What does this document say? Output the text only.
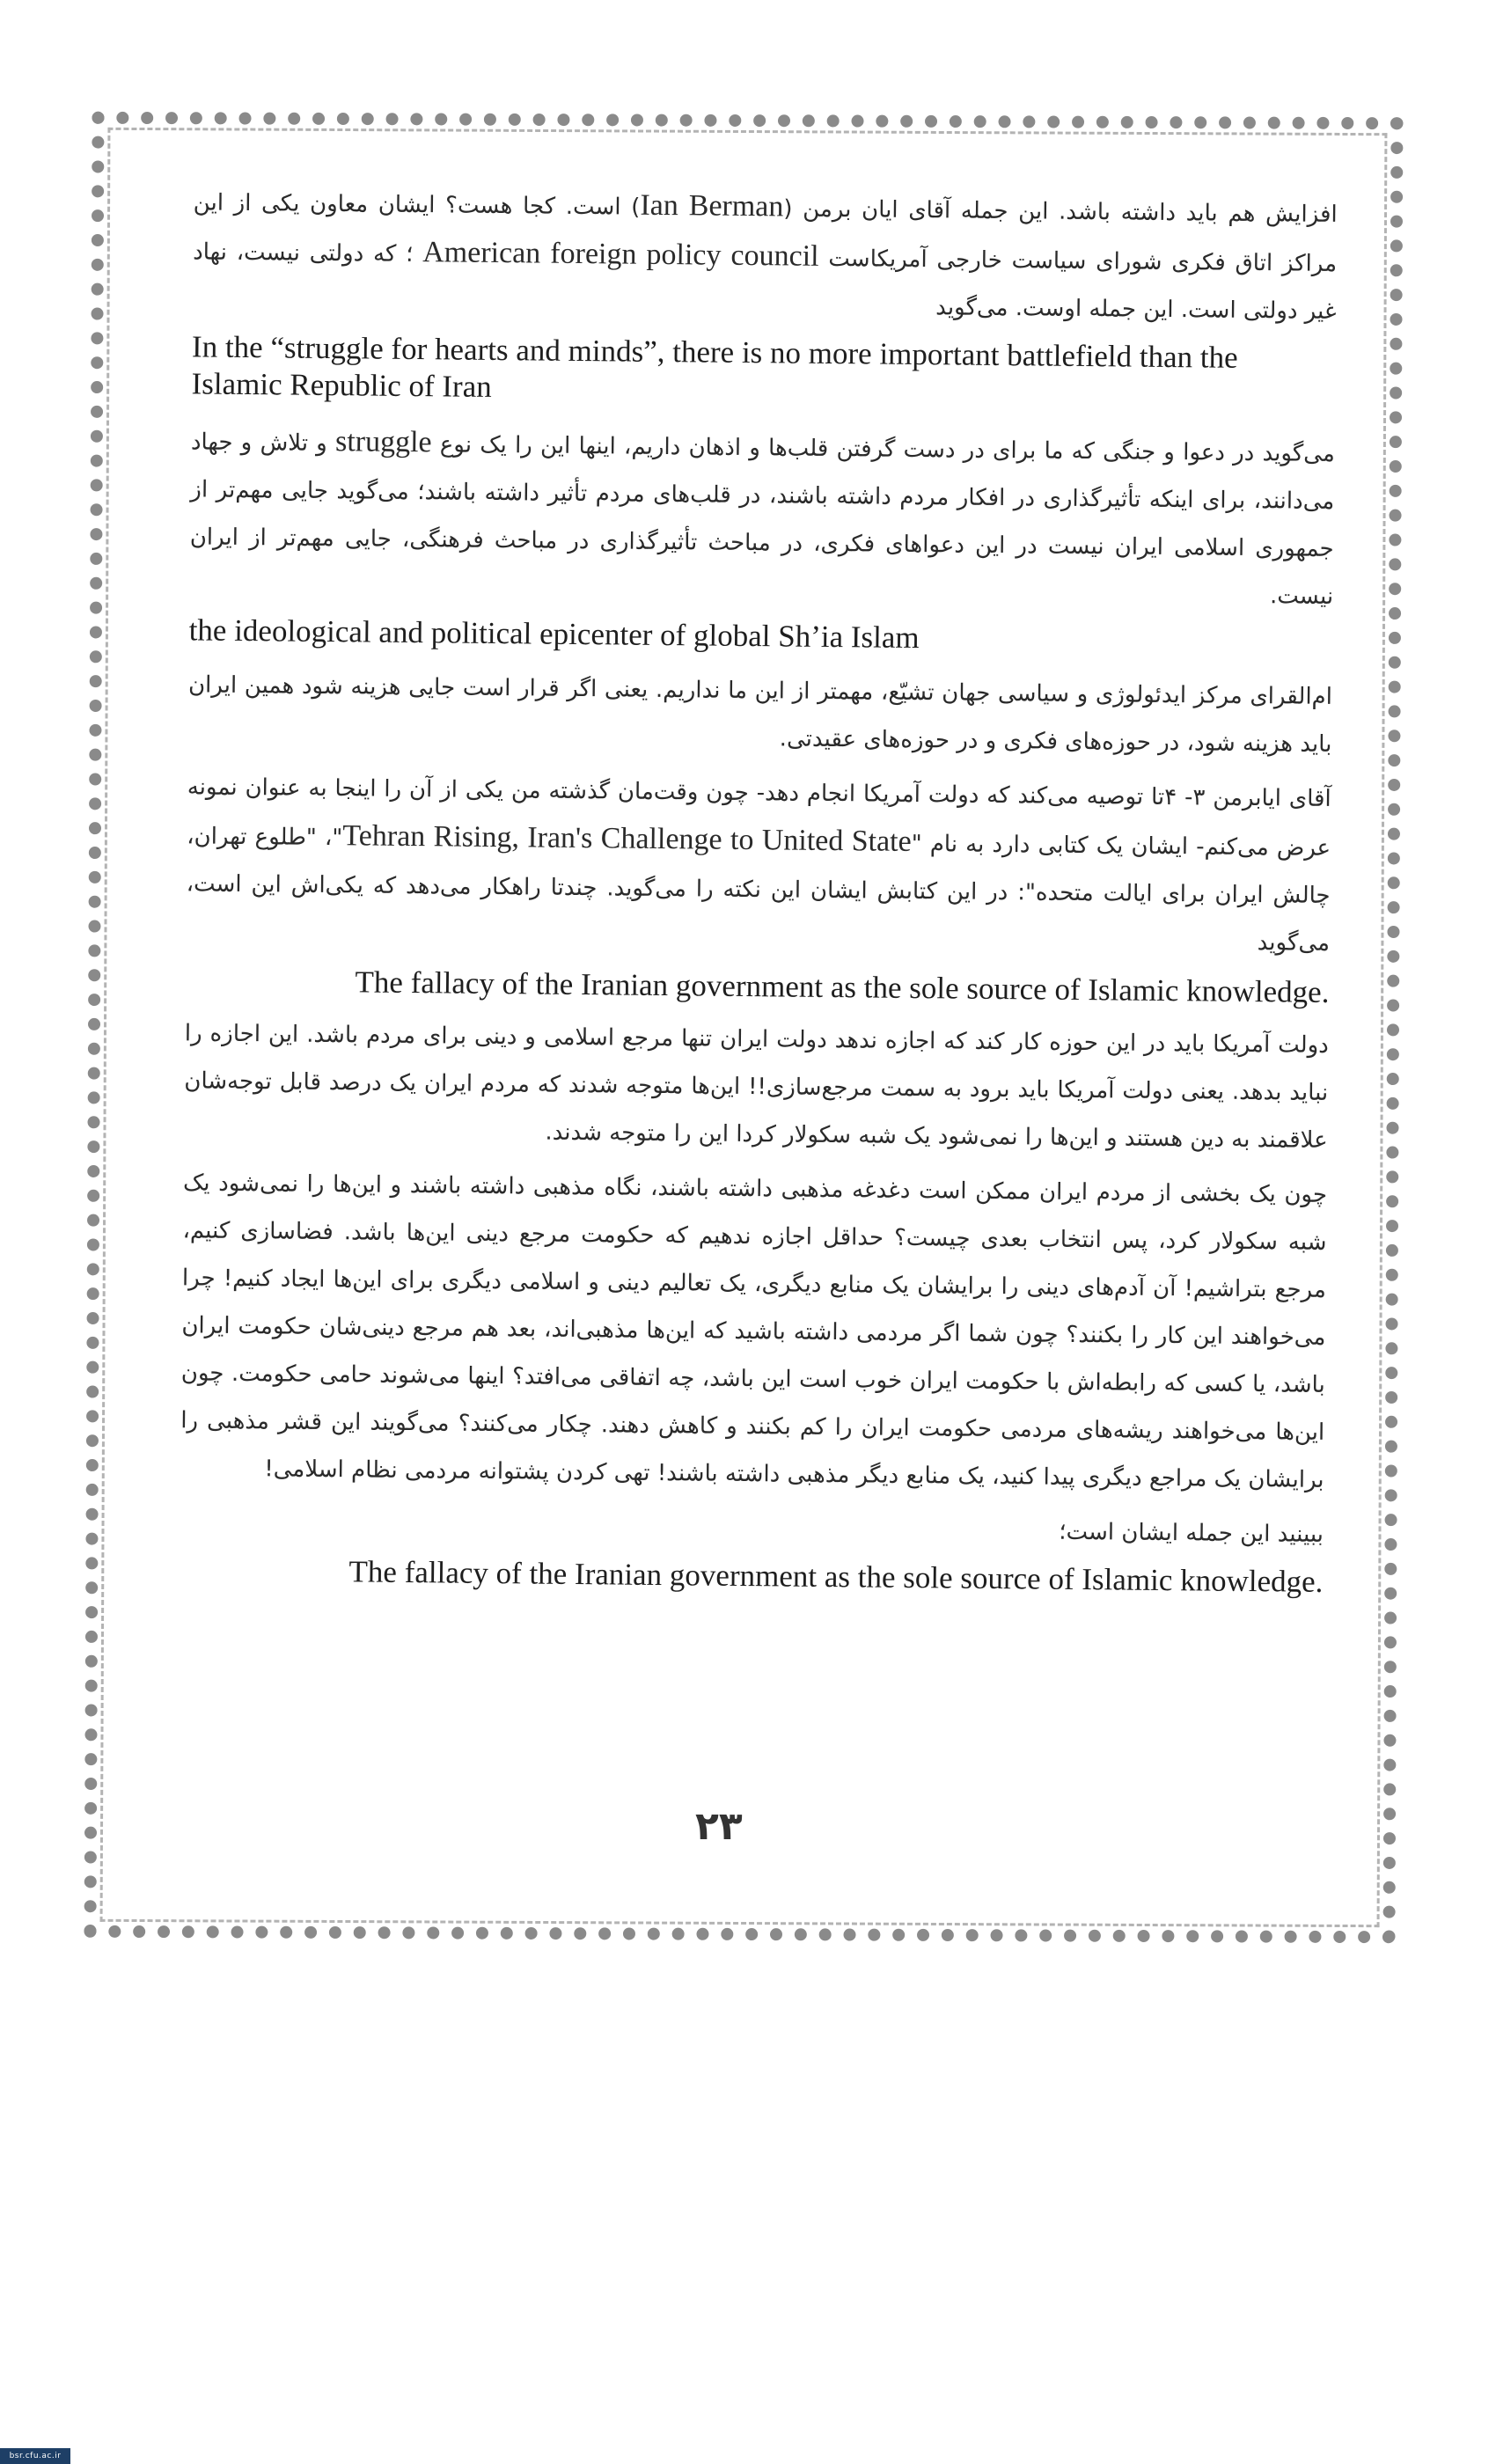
افزایش هم باید داشته باشد. این جمله آقای ایان برمن (Ian Berman) است. کجا هست؟ ایشان معاون یکی از این مراکز اتاق فکری شورای سیاست خارجی آمریکاست American foreign policy council ؛ که دولتی نیست، نهاد غیر دولتی است. این جمله اوست. می‌گوید

In the “struggle for hearts and minds”, there is no more important battlefield than the Islamic Republic of Iran

می‌گوید در دعوا و جنگی که ما برای در دست گرفتن قلب‌ها و اذهان داریم، اینها این را یک نوع struggle و تلاش و جهاد می‌دانند، برای اینکه تأثیرگذاری در افکار مردم داشته باشند، در قلب‌های مردم تأثیر داشته باشند؛ می‌گوید جایی مهم‌تر از جمهوری اسلامی ایران نیست در این دعواهای فکری، در مباحث تأثیرگذاری در مباحث فرهنگی، جایی مهم‌تر از ایران نیست.

the ideological and political epicenter of global Sh’ia Islam

ام‌القرای مرکز ایدئولوژی و سیاسی جهان تشیّع، مهمتر از این ما نداریم. یعنی اگر قرار است جایی هزینه شود همین ایران باید هزینه شود، در حوزه‌های فکری و در حوزه‌های عقیدتی.

آقای ایابرمن ۳- ۴تا توصیه می‌کند که دولت آمریکا انجام دهد- چون وقت‌مان گذشته من یکی از آن را اینجا به عنوان نمونه عرض می‌کنم- ایشان یک کتابی دارد به نام "Tehran Rising, Iran's Challenge to United State"، "طلوع تهران، چالش ایران برای ایالت متحده": در این کتابش ایشان این نکته را می‌گوید. چندتا راهکار می‌دهد که یکی‌اش این است، می‌گوید

The fallacy of the Iranian government as the sole source of Islamic knowledge.

دولت آمریکا باید در این حوزه کار کند که اجازه ندهد دولت ایران تنها مرجع اسلامی و دینی برای مردم باشد. این اجازه را نباید بدهد. یعنی دولت آمریکا باید برود به سمت مرجع‌سازی!! این‌ها متوجه شدند که مردم ایران یک درصد قابل توجه‌شان علاقمند به دین هستند و این‌ها را نمی‌شود یک شبه سکولار کردا این را متوجه شدند.

چون یک بخشی از مردم ایران ممکن است دغدغه مذهبی داشته باشند، نگاه مذهبی داشته باشند و این‌ها را نمی‌شود یک شبه سکولار کرد، پس انتخاب بعدی چیست؟ حداقل اجازه ندهیم که حکومت مرجع دینی این‌ها باشد. فضاسازی کنیم، مرجع بتراشیم! آن آدم‌های دینی را برایشان یک منابع دیگری، یک تعالیم دینی و اسلامی دیگری برای این‌ها ایجاد کنیم! چرا می‌خواهند این کار را بکنند؟ چون شما اگر مردمی داشته باشید که این‌ها مذهبی‌اند، بعد هم مرجع دینی‌شان حکومت ایران باشد، یا کسی که رابطه‌اش با حکومت ایران خوب است این باشد، چه اتفاقی می‌افتد؟ اینها می‌شوند حامی حکومت. چون این‌ها می‌خواهند ریشه‌های مردمی حکومت ایران را کم بکنند و کاهش دهند. چکار می‌کنند؟ می‌گویند این قشر مذهبی را برایشان یک مراجع دیگری پیدا کنید، یک منابع دیگر مذهبی داشته باشند! تهی کردن پشتوانه مردمی نظام اسلامی!

ببینید این جمله ایشان است؛

The fallacy of the Iranian government as the sole source of Islamic knowledge.

۲۳
bsr.cfu.ac.ir
